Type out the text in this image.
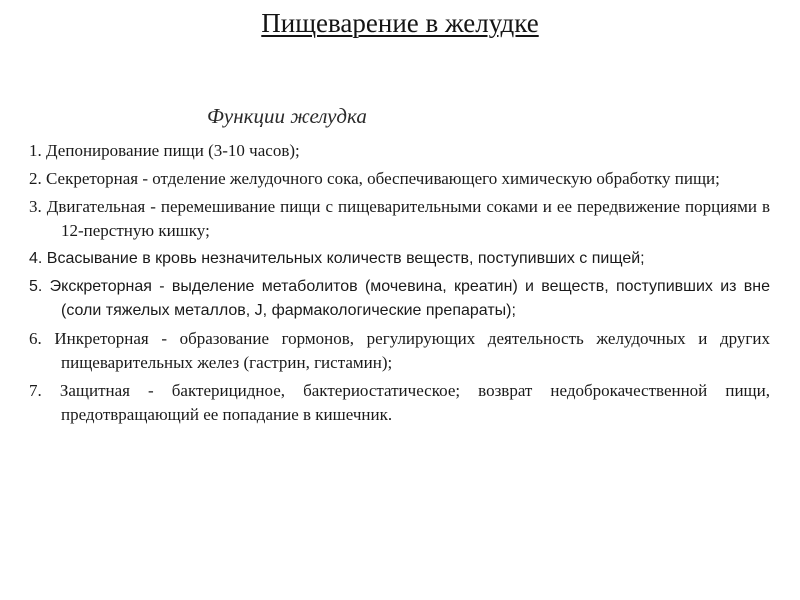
Пищеварение в желудке

Функции желудка

1. Депонирование пищи (3-10 часов);
2. Секреторная - отделение желудочного сока, обеспечивающего химическую обработку пищи;
3. Двигательная - перемешивание пищи с пищеварительными соками и ее передвижение порциями в 12-перстную кишку;
4. Всасывание в кровь незначительных количеств веществ, поступивших с пищей;
5. Экскреторная - выделение метаболитов (мочевина, креатин) и веществ, поступивших из вне (соли тяжелых металлов, J, фармакологические препараты);
6. Инкреторная - образование гормонов, регулирующих деятельность желудочных и других пищеварительных желез (гастрин, гистамин);
7. Защитная - бактерицидное, бактериостатическое; возврат недоброкачественной пищи, предотвращающий ее попадание в кишечник.
